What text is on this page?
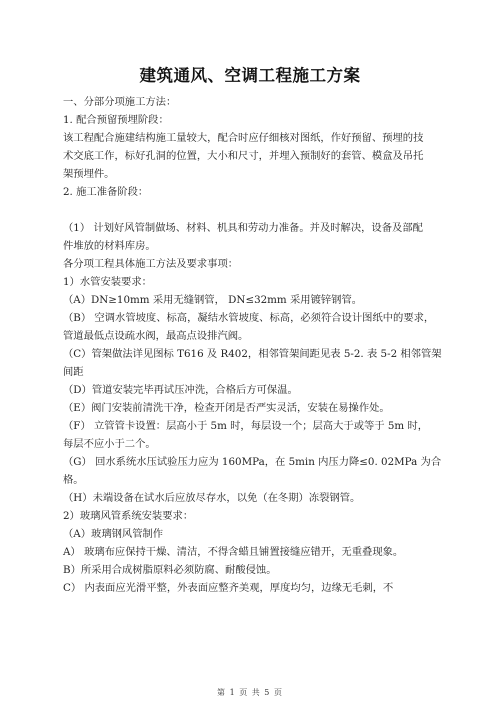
建筑通风、空调工程施工方案
一、分部分项施工方法：
1. 配合预留预埋阶段：
该工程配合施建结构施工量较大，配合时应仔细核对图纸，作好预留、预埋的技
术交底工作，标好孔洞的位置，大小和尺寸，并埋入预制好的套管、模盒及吊托
架预埋件。
2. 施工准备阶段：
（1） 计划好风管制做场、材料、机具和劳动力准备。并及时解决，设备及部配
件堆放的材料库房。
各分项工程具体施工方法及要求事项：
1）水管安装要求：
（A）DN≥10mm 采用无缝钢管， DN≤32mm 采用镀锌钢管。
（B） 空调水管坡度、标高，凝结水管坡度、标高，必须符合设计图纸中的要求，
管道最低点设疏水阀，最高点设排汽阀。
（C）管架做法详见图标 T616 及 R402，相邻管架间距见表 5-2. 表 5-2 相邻管架
间距
（D）管道安装完毕再试压冲洗，合格后方可保温。
（E）阀门安装前清洗干净，检查开闭是否严实灵活，安装在易操作处。
（F） 立管管卡设置：层高小于 5m 时，每层设一个；层高大于或等于 5m 时，
每层不应小于二个。
（G） 回水系统水压试验压力应为 160MPa，在 5min 内压力降≤0. 02MPa 为合
格。
（H）未端设备在试水后应放尽存水，以免（在冬期）冻裂钢管。
2）玻璃风管系统安装要求：
（A）玻璃钢风管制作
A） 玻璃布应保持干燥、清洁，不得含蜡且铺置接缝应错开，无重叠现象。
B）所采用合成树脂原料必须防腐、耐酸侵蚀。
C） 内表面应光滑平整，外表面应整齐美观，厚度均匀，边缘无毛刺，不
第 1 页 共 5 页
